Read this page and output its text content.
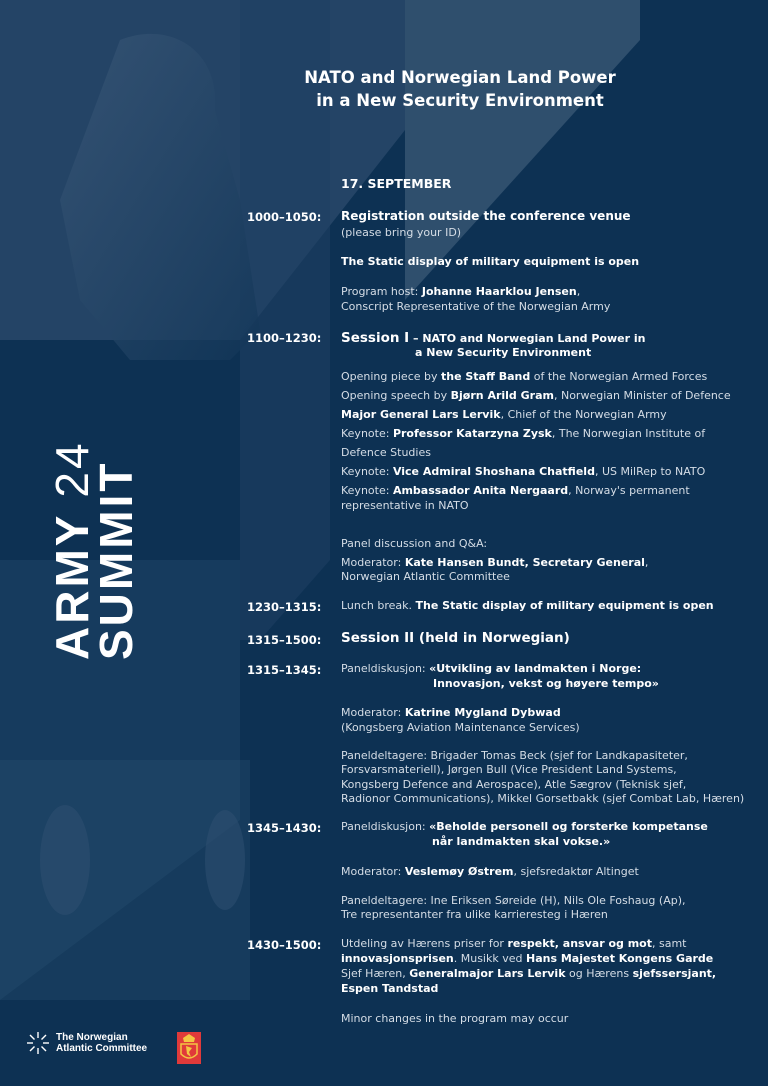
NATO and Norwegian Land Power
in a New Security Environment
ARMY 24
SUMMIT
1000–1050:
1100–1230:
1230–1315:
1315–1500:
1315–1345:
1345–1430:
1430–1500:
17. SEPTEMBER
Registration outside the conference venue
(please bring your ID)
The Static display of military equipment is open
Program host: Johanne Haarklou Jensen,
Conscript Representative of the Norwegian Army
Session I – NATO and Norwegian Land Power in
a New Security Environment
Opening piece by the Staff Band of the Norwegian Armed Forces
Opening speech by Bjørn Arild Gram, Norwegian Minister of Defence
Major General Lars Lervik, Chief of the Norwegian Army
Keynote: Professor Katarzyna Zysk, The Norwegian Institute of
Defence Studies
Keynote: Vice Admiral Shoshana Chatfield, US MilRep to NATO
Keynote: Ambassador Anita Nergaard, Norway's permanent
representative in NATO
Panel discussion and Q&A:
Moderator: Kate Hansen Bundt, Secretary General,
Norwegian Atlantic Committee
Lunch break. The Static display of military equipment is open
Session II (held in Norwegian)
Paneldiskusjon: «Utvikling av landmakten i Norge:
Innovasjon, vekst og høyere tempo»
Moderator: Katrine Mygland Dybwad
(Kongsberg Aviation Maintenance Services)
Paneldeltagere: Brigader Tomas Beck (sjef for Landkapasiteter,
Forsvarsmateriell), Jørgen Bull (Vice President Land Systems,
Kongsberg Defence and Aerospace), Atle Sægrov (Teknisk sjef,
Radionor Communications), Mikkel Gorsetbakk (sjef Combat Lab, Hæren)
Paneldiskusjon: «Beholde personell og forsterke kompetanse
når landmakten skal vokse.»
Moderator: Veslemøy Østrem, sjefsredaktør Altinget
Paneldeltagere: Ine Eriksen Søreide (H), Nils Ole Foshaug (Ap),
Tre representanter fra ulike karrieresteg i Hæren
Utdeling av Hærens priser for respekt, ansvar og mot, samt
innovasjonsprisen. Musikk ved Hans Majestet Kongens Garde
Sjef Hæren, Generalmajor Lars Lervik og Hærens sjefssersjant,
Espen Tandstad
Minor changes in the program may occur
The Norwegian
Atlantic Committee
